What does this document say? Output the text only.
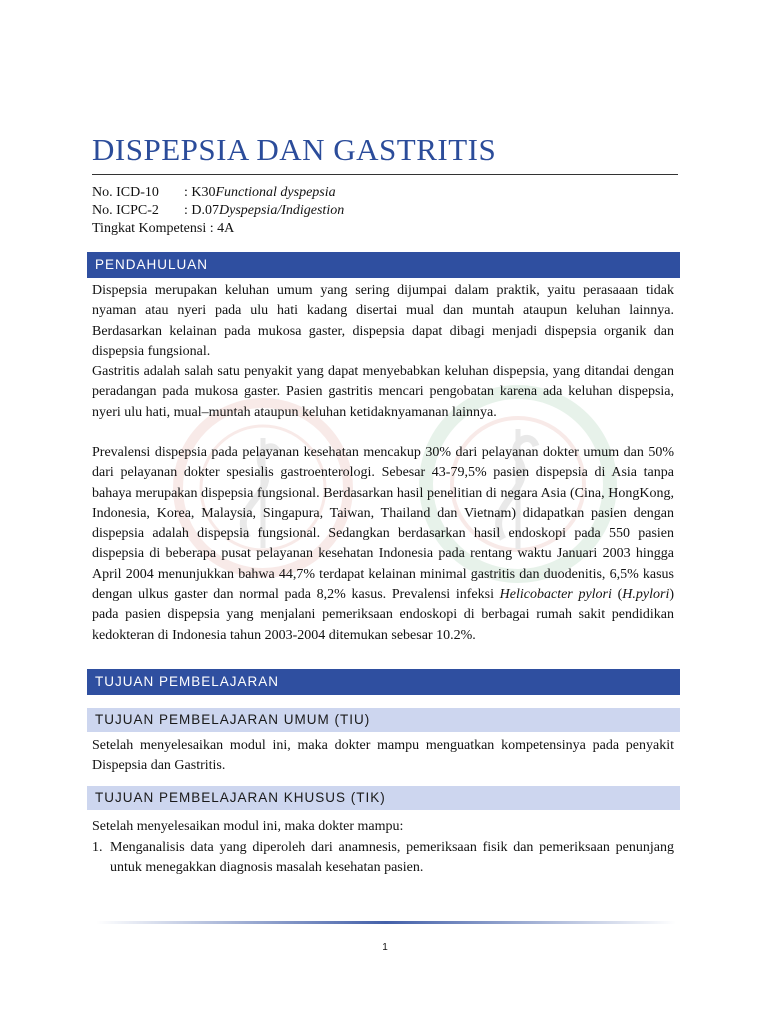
DISPEPSIA DAN GASTRITIS
No. ICD-10	: K30 Functional dyspepsia
No. ICPC-2	: D.07 Dyspepsia/Indigestion
Tingkat Kompetensi : 4A
PENDAHULUAN

Dispepsia merupakan keluhan umum yang sering dijumpai dalam praktik, yaitu perasaaan tidak nyaman atau nyeri pada ulu hati kadang disertai mual dan muntah ataupun keluhan lainnya. Berdasarkan kelainan pada mukosa gaster, dispepsia dapat dibagi menjadi dispepsia organik dan dispepsia fungsional.

Gastritis adalah salah satu penyakit yang dapat menyebabkan keluhan dispepsia, yang ditandai dengan peradangan pada mukosa gaster. Pasien gastritis mencari pengobatan karena ada keluhan dispepsia, nyeri ulu hati, mual–muntah ataupun keluhan ketidaknyamanan lainnya.

Prevalensi dispepsia pada pelayanan kesehatan mencakup 30% dari pelayanan dokter umum dan 50% dari pelayanan dokter spesialis gastroenterologi. Sebesar 43-79,5% pasien dispepsia di Asia tanpa bahaya merupakan dispepsia fungsional. Berdasarkan hasil penelitian di negara Asia (Cina, HongKong, Indonesia, Korea, Malaysia, Singapura, Taiwan, Thailand dan Vietnam) didapatkan pasien dengan dispepsia adalah dispepsia fungsional. Sedangkan berdasarkan hasil endoskopi pada 550 pasien dispepsia di beberapa pusat pelayanan kesehatan Indonesia pada rentang waktu Januari 2003 hingga April 2004 menunjukkan bahwa 44,7% terdapat kelainan minimal gastritis dan duodenitis, 6,5% kasus dengan ulkus gaster dan normal pada 8,2% kasus. Prevalensi infeksi Helicobacter pylori (H.pylori) pada pasien dispepsia yang menjalani pemeriksaan endoskopi di berbagai rumah sakit pendidikan kedokteran di Indonesia tahun 2003-2004 ditemukan sebesar 10.2%.

TUJUAN PEMBELAJARAN
TUJUAN PEMBELAJARAN UMUM (TIU)

Setelah menyelesaikan modul ini, maka dokter mampu menguatkan kompetensinya pada penyakit Dispepsia dan Gastritis.

TUJUAN PEMBELAJARAN KHUSUS (TIK)

Setelah menyelesaikan modul ini, maka dokter mampu:

1. Menganalisis data yang diperoleh dari anamnesis, pemeriksaan fisik dan pemeriksaan penunjang untuk menegakkan diagnosis masalah kesehatan pasien.
1
